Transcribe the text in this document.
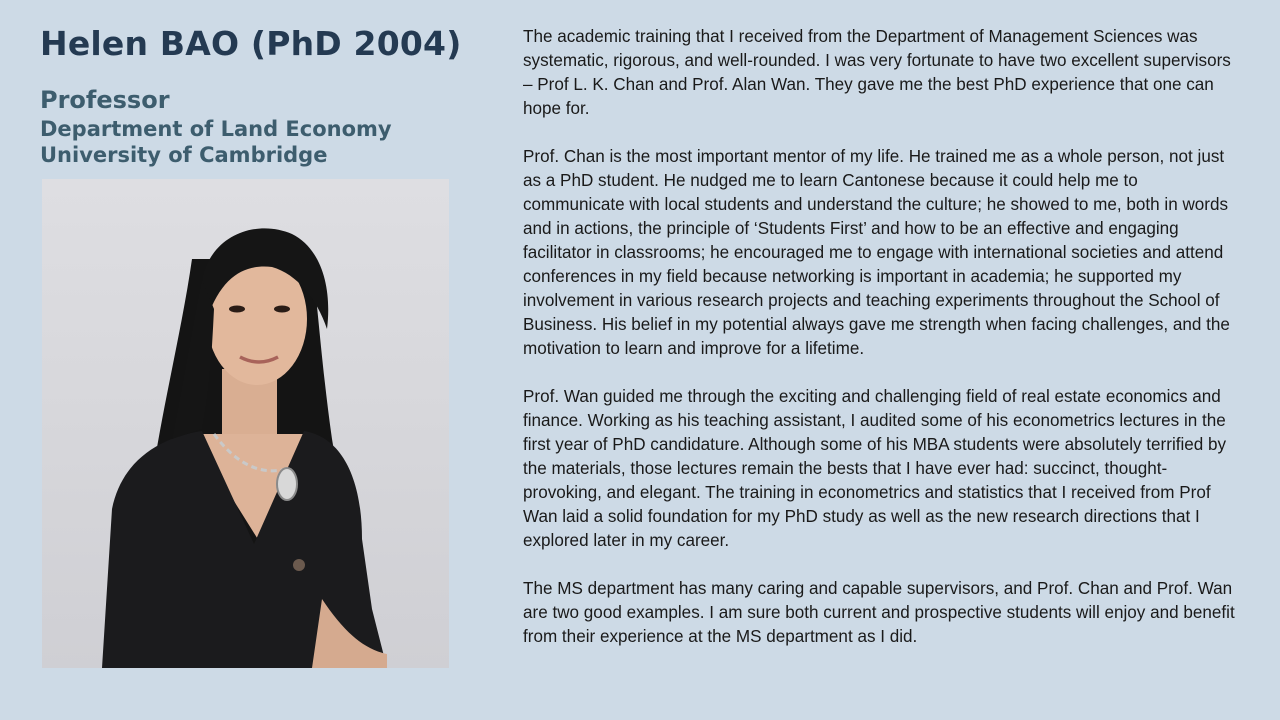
Helen BAO (PhD 2004)
Professor
Department of Land Economy
University of Cambridge

The academic training that I received from the Department of Management Sciences was systematic, rigorous, and well-rounded. I was very fortunate to have two excellent supervisors – Prof L. K. Chan and Prof. Alan Wan. They gave me the best PhD experience that one can hope for.

Prof. Chan is the most important mentor of my life. He trained me as a whole person, not just as a PhD student. He nudged me to learn Cantonese because it could help me to communicate with local students and understand the culture; he showed to me, both in words and in actions, the principle of ‘Students First’ and how to be an effective and engaging facilitator in classrooms; he encouraged me to engage with international societies and attend conferences in my field because networking is important in academia; he supported my involvement in various research projects and teaching experiments throughout the School of Business. His belief in my potential always gave me strength when facing challenges, and the motivation to learn and improve for a lifetime.

Prof. Wan guided me through the exciting and challenging field of real estate economics and finance. Working as his teaching assistant, I audited some of his econometrics lectures in the first year of PhD candidature. Although some of his MBA students were absolutely terrified by the materials, those lectures remain the bests that I have ever had: succinct, thought-provoking, and elegant. The training in econometrics and statistics that I received from Prof Wan laid a solid foundation for my PhD study as well as the new research directions that I explored later in my career.

The MS department has many caring and capable supervisors, and Prof. Chan and Prof. Wan are two good examples. I am sure both current and prospective students will enjoy and benefit from their experience at the MS department as I did.
